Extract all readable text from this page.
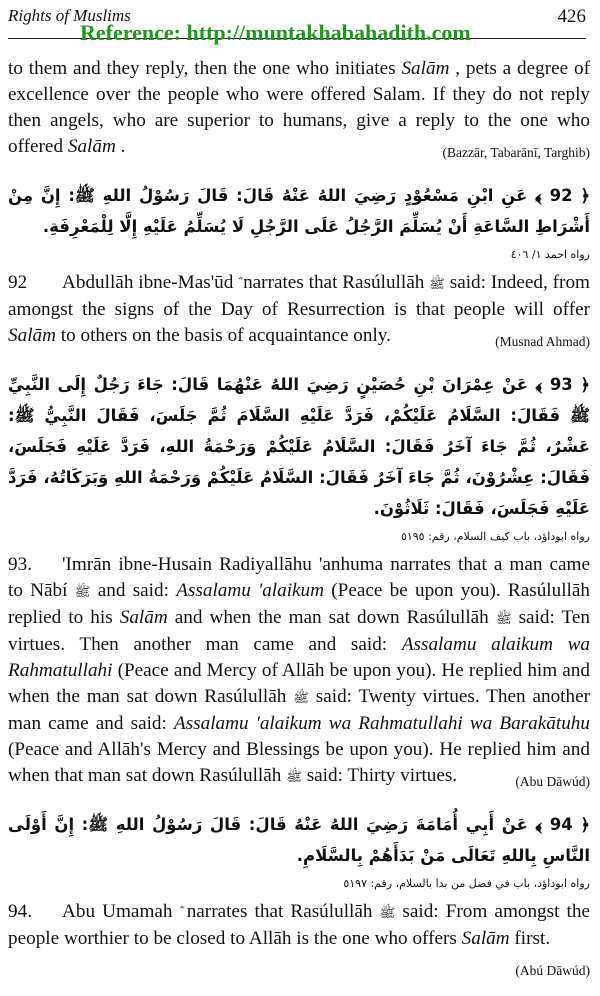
Rights of Muslims	426
Reference: http://muntakhabahadith.com

to them and they reply, then the one who initiates Salām , pets a degree of excellence over the people who were offered Salam. If they do not reply then angels, who are superior to humans, give a reply to the one who offered Salām .	(Bazzār, Tabarānī, Targhib)

﴿ 92 ﴾ عَنِ ابْنِ مَسْعُوْدٍ رَضِيَ اللهُ عَنْهُ قَالَ: قَالَ رَسُوْلُ اللهِ ﷺ: إِنَّ مِنْ أَشْرَاطِ السَّاعَةِ أَنْ يُسَلِّمَ الرَّجُلُ عَلَى الرَّجُلِ لَا يُسَلِّمُ عَلَيْهِ إِلَّا لِلْمَعْرِفَةِ.
رواه احمد ١/ ٤٠٦

92 Abdullāh ibne-Mas'ūd narrates that Rasúlullāh ﷺ said: Indeed, from amongst the signs of the Day of Resurrection is that people will offer Salām to others on the basis of acquaintance only.	(Musnad Ahmad)

﴿ 93 ﴾ عَنْ عِمْرَانَ بْنِ حُصَيْنٍ رَضِيَ اللهُ عَنْهُمَا قَالَ: جَاءَ رَجُلٌ إِلَى النَّبِيِّ ﷺ فَقَالَ: السَّلَامُ عَلَيْكُمْ، فَرَدَّ عَلَيْهِ السَّلَامَ ثُمَّ جَلَسَ، فَقَالَ النَّبِيُّ ﷺ: عَشْرٌ، ثُمَّ جَاءَ آخَرُ فَقَالَ: السَّلَامُ عَلَيْكُمْ وَرَحْمَةُ اللهِ، فَرَدَّ عَلَيْهِ فَجَلَسَ، فَقَالَ: عِشْرُوْنَ، ثُمَّ جَاءَ آخَرُ فَقَالَ: السَّلَامُ عَلَيْكُمْ وَرَحْمَةُ اللهِ وَبَرَكَاتُهُ، فَرَدَّ عَلَيْهِ فَجَلَسَ، فَقَالَ: ثَلَاثُوْنَ.
رواه ابوداؤد، باب كيف السلام، رقم: ٥١٩٥

93. 'Imrān ibne-Husain Radiyallāhu 'anhuma narrates that a man came to Nābí ﷺ and said: Assalamu 'alaikum (Peace be upon you). Rasúlullāh replied to his Salām and when the man sat down Rasúlullāh ﷺ said: Ten virtues. Then another man came and said: Assalamu alaikum wa Rahmatullahi (Peace and Mercy of Allāh be upon you). He replied him and when the man sat down Rasúlullāh ﷺ said: Twenty virtues. Then another man came and said: Assalamu 'alaikum wa Rahmatullahi wa Barakātuhu (Peace and Allāh's Mercy and Blessings be upon you). He replied him and when that man sat down Rasúlullāh ﷺ said: Thirty virtues.	(Abu Dāwúd)

﴿ 94 ﴾ عَنْ أَبِي أُمَامَةَ رَضِيَ اللهُ عَنْهُ قَالَ: قَالَ رَسُوْلُ اللهِ ﷺ: إِنَّ أَوْلَى النَّاسِ بِاللهِ تَعَالَى مَنْ بَدَأَهُمْ بِالسَّلَامِ.
رواه ابوداؤد، باب في فضل من بدا بالسلام، رقم: ٥١٩٧

94. Abu Umamah narrates that Rasúlullāh ﷺ said: From amongst the people worthier to be closed to Allāh is the one who offers Salām first.
(Abú Dāwúd)
